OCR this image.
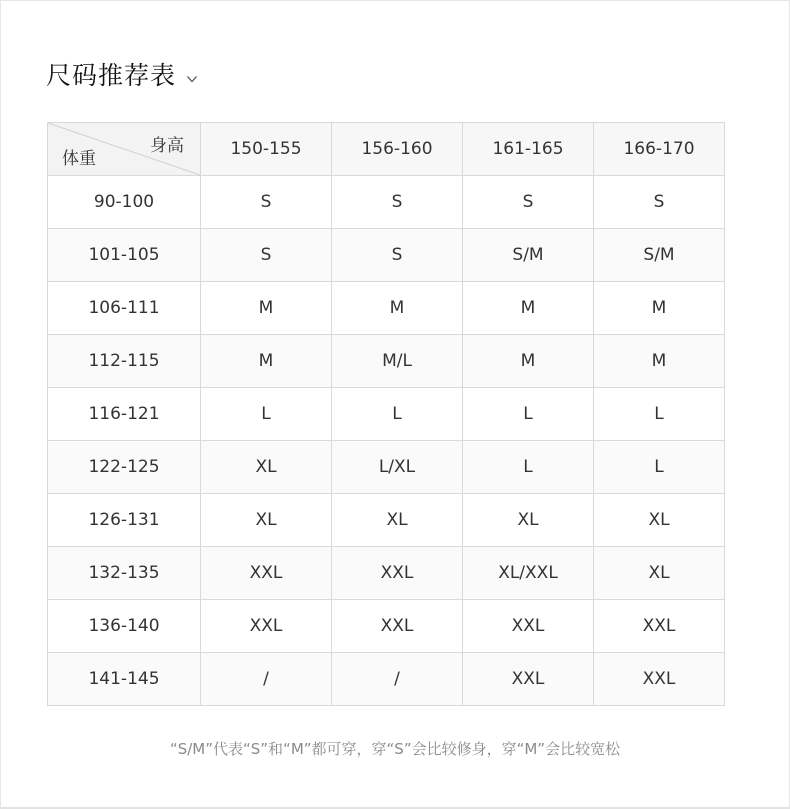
尺码推荐表
身高
体重	150-155	156-160	161-165	166-170
90-100	S	S	S	S
101-105	S	S	S/M	S/M
106-111	M	M	M	M
112-115	M	M/L	M	M
116-121	L	L	L	L
122-125	XL	L/XL	L	L
126-131	XL	XL	XL	XL
132-135	XXL	XXL	XL/XXL	XL
136-140	XXL	XXL	XXL	XXL
141-145	/	/	XXL	XXL
“S/M”代表“S”和“M”都可穿，穿“S”会比较修身，穿“M”会比较宽松
